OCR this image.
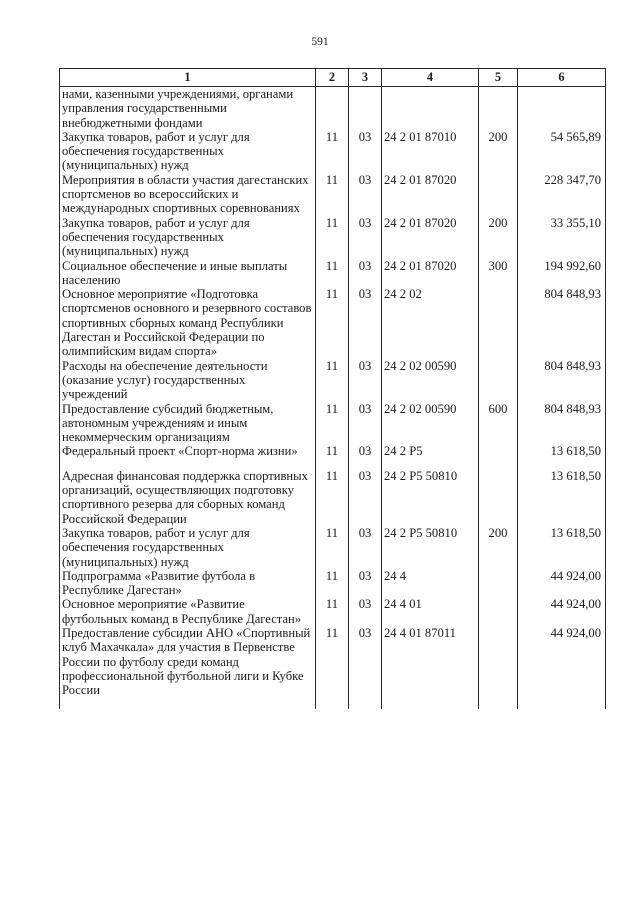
591
1	2	3	4	5	6
нами, казенными учреждениями, органами управления государственными внебюджетными фондами					
Закупка товаров, работ и услуг для обеспечения государственных (муниципальных) нужд	11	03	24 2 01 87010	200	54 565,89
Мероприятия в области участия дагестанских спортсменов во всероссийских и международных спортивных соревнованиях	11	03	24 2 01 87020		228 347,70
Закупка товаров, работ и услуг для обеспечения государственных (муниципальных) нужд	11	03	24 2 01 87020	200	33 355,10
Социальное обеспечение и иные выплаты населению	11	03	24 2 01 87020	300	194 992,60
Основное мероприятие «Подготовка спортсменов основного и резервного составов спортивных сборных команд Республики Дагестан и Российской Федерации по олимпийским видам спорта»	11	03	24 2 02		804 848,93
Расходы на обеспечение деятельности (оказание услуг) государственных учреждений	11	03	24 2 02 00590		804 848,93
Предоставление субсидий бюджетным, автономным учреждениям и иным некоммерческим организациям	11	03	24 2 02 00590	600	804 848,93
Федеральный проект «Спорт-норма жизни»	11	03	24 2 P5		13 618,50
Адресная финансовая поддержка спортивных организаций, осуществляющих подготовку спортивного резерва для сборных команд Российской Федерации	11	03	24 2 P5 50810		13 618,50
Закупка товаров, работ и услуг для обеспечения государственных (муниципальных) нужд	11	03	24 2 P5 50810	200	13 618,50
Подпрограмма «Развитие футбола в Республике Дагестан»	11	03	24 4		44 924,00
Основное мероприятие «Развитие футбольных команд в Республике Дагестан»	11	03	24 4 01		44 924,00
Предоставление субсидии АНО «Спортивный клуб Махачкала» для участия в Первенстве России по футболу среди команд профессиональной футбольной лиги и Кубке России	11	03	24 4 01 87011		44 924,00
